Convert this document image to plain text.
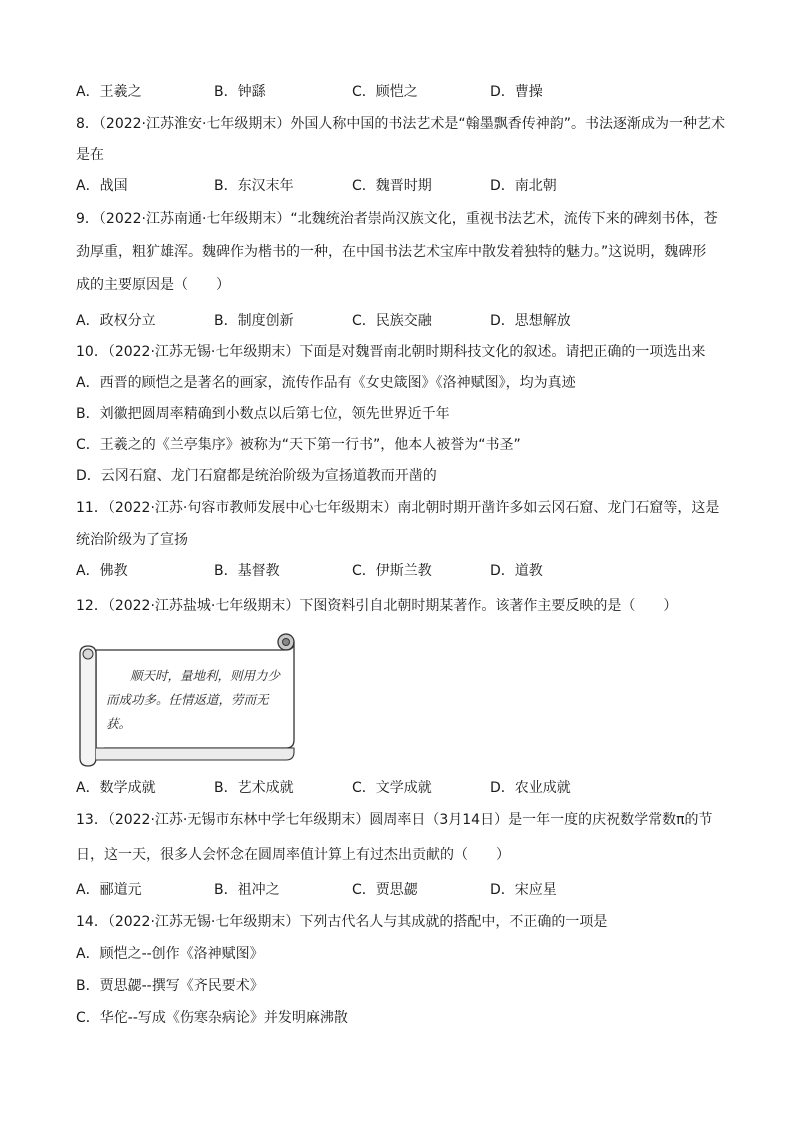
A．王羲之	B．钟繇	C．顾恺之	D．曹操
8．（2022·江苏淮安·七年级期末）外国人称中国的书法艺术是“翰墨飘香传神韵”。书法逐渐成为一种艺术
是在
A．战国	B．东汉末年	C．魏晋时期	D．南北朝
9．（2022·江苏南通·七年级期末）“北魏统治者崇尚汉族文化，重视书法艺术，流传下来的碑刻书体，苍
劲厚重，粗犷雄浑。魏碑作为楷书的一种，在中国书法艺术宝库中散发着独特的魅力。”这说明，魏碑形
成的主要原因是（　　）
A．政权分立	B．制度创新	C．民族交融	D．思想解放
10．（2022·江苏无锡·七年级期末）下面是对魏晋南北朝时期科技文化的叙述。请把正确的一项选出来
A．西晋的顾恺之是著名的画家，流传作品有《女史箴图》《洛神赋图》，均为真迹
B．刘徽把圆周率精确到小数点以后第七位，领先世界近千年
C．王羲之的《兰亭集序》被称为“天下第一行书”，他本人被誉为“书圣”
D．云冈石窟、龙门石窟都是统治阶级为宣扬道教而开凿的
11．（2022·江苏·句容市教师发展中心七年级期末）南北朝时期开凿许多如云冈石窟、龙门石窟等，这是
统治阶级为了宣扬
A．佛教	B．基督教	C．伊斯兰教	D．道教
12．（2022·江苏盐城·七年级期末）下图资料引自北朝时期某著作。该著作主要反映的是（　　）
顺天时，量地利，则用力少而成功多。任情返道，劳而无获。
A．数学成就	B．艺术成就	C．文学成就	D．农业成就
13．（2022·江苏·无锡市东林中学七年级期末）圆周率日（3月14日）是一年一度的庆祝数学常数π的节
日，这一天，很多人会怀念在圆周率值计算上有过杰出贡献的（　　）
A．郦道元	B．祖冲之	C．贾思勰	D．宋应星
14．（2022·江苏无锡·七年级期末）下列古代名人与其成就的搭配中，不正确的一项是
A．顾恺之--创作《洛神赋图》
B．贾思勰--撰写《齐民要术》
C．华佗--写成《伤寒杂病论》并发明麻沸散
